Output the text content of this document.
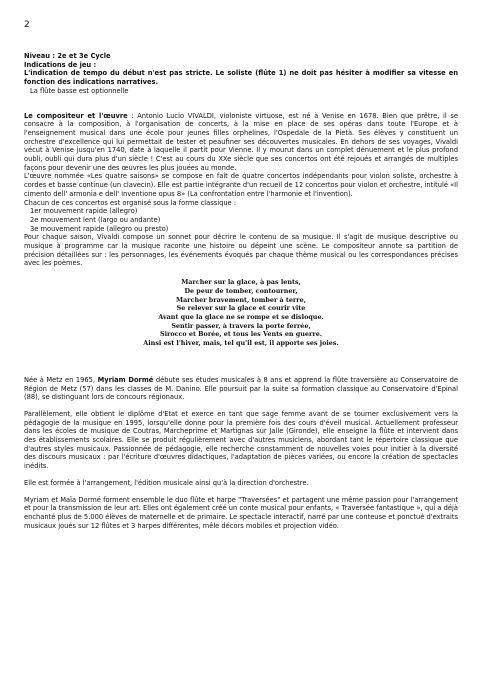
2

Niveau : 2e et 3e Cycle

Indications de jeu :

L'indication de tempo du début n'est pas stricte. Le soliste (flûte 1) ne doit pas hésiter à modifier sa vitesse en fonction des indications narratives.

La flûte basse est optionnelle

Le compositeur et l'œuvre : Antonio Lucio VIVALDI, violoniste virtuose, est né à Venise en 1678. Bien que prêtre, il se consacre à la composition, à l'organisation de concerts, à la mise en place de ses opéras dans toute l'Europe et à l'enseignement musical dans une école pour jeunes filles orphelines, l'Ospedale de la Pietà. Ses élèves y constituent un orchestre d'excellence qui lui permettait de tester et peaufiner ses découvertes musicales. En dehors de ses voyages, Vivaldi vécut à Venise jusqu'en 1740, date à laquelle il partit pour Vienne. Il y mourut dans un complet dénuement et le plus profond oubli, oubli qui dura plus d'un siècle ! C'est au cours du XXe siècle que ses concertos ont été rejoués et arrangés de multiples façons pour devenir une des œuvres les plus jouées au monde.

L'œuvre nommée «Les quatre saisons» se compose en fait de quatre concertos indépendants pour violon soliste, orchestre à cordes et basse continue (un clavecin). Elle est partie intégrante d'un recueil de 12 concertos pour violon et orchestre, intitulé «Il cimento dell' armonia e dell' inventione opus 8» (La confrontation entre l'harmonie et l'invention).

Chacun de ces concertos est organisé sous la forme classique :

1er mouvement rapide (allegro)

2e mouvement lent (largo ou andante)

3e mouvement rapide (allegro ou presto)

Pour chaque saison, Vivaldi compose un sonnet pour décrire le contenu de sa musique. Il s'agit de musique descriptive ou musique à programme car la musique raconte une histoire ou dépeint une scène. Le compositeur annote sa partition de précision détaillées sur : les personnages, les événements évoqués par chaque thème musical ou les correspondances précises avec les poèmes.

Marcher sur la glace, à pas lents,
De peur de tomber, contourner,
Marcher bravement, tomber à terre,
Se relever sur la glace et courir vite
Avant que la glace ne se rompe et se disloque.
Sentir passer, à travers la porte ferrée,
Sirocco et Borée, et tous les Vents en guerre.
Ainsi est l'hiver, mais, tel qu'il est, il apporte ses joies.

Née à Metz en 1965, Myriam Dormé débute ses études musicales à 8 ans et apprend la flûte traversière au Conservatoire de Région de Metz (57) dans les classes de M. Danino. Elle poursuit par la suite sa formation classique au Conservatoire d'Epinal (88), se distinguant lors de concours régionaux.

Parallèlement, elle obtient le diplôme d'Etat et exerce en tant que sage femme avant de se tourner exclusivement vers la pédagogie de la musique en 1995, lorsqu'elle donne pour la première fois des cours d'éveil musical. Actuellement professeur dans les écoles de musique de Coutras, Marcheprime et Martignas sur Jalle (Gironde), elle enseigne la flûte et intervient dans des établissements scolaires. Elle se produit régulièrement avec d'autres musiciens, abordant tant le répertoire classique que d'autres styles musicaux. Passionnée de pédagogie, elle recherche constamment de nouvelles voies pour initier à la diversité des discours musicaux : par l'écriture d'œuvres didactiques, l'adaptation de pièces variées, ou encore la création de spectacles inédits.

Elle est formée à l'arrangement, l'édition musicale ainsi qu'à la direction d'orchestre.

Myriam et Maïa Dormé forment ensemble le duo flûte et harpe "Traversées" et partagent une même passion pour l'arrangement et pour la transmission de leur art. Elles ont également créé un conte musical pour enfants, « Traversée fantastique », qui a déjà enchanté plus de 5.000 élèves de maternelle et de primaire. Le spectacle interactif, narré par une conteuse et ponctué d'extraits musicaux joués sur 12 flûtes et 3 harpes différentes, mêle décors mobiles et projection vidéo.
